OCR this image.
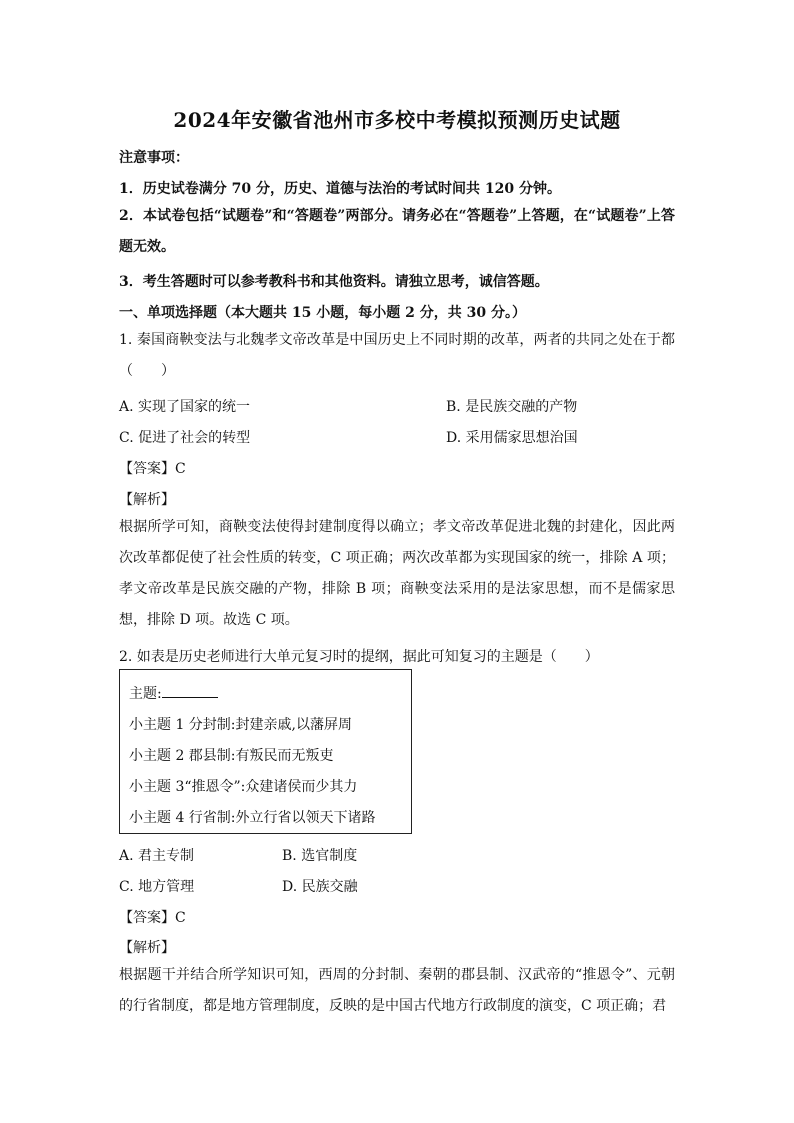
2024年安徽省池州市多校中考模拟预测历史试题
注意事项：
1．历史试卷满分 70 分，历史、道德与法治的考试时间共 120 分钟。
2．本试卷包括“试题卷”和“答题卷”两部分。请务必在“答题卷”上答题，在“试题卷”上答题无效。
3．考生答题时可以参考教科书和其他资料。请独立思考，诚信答题。
一、单项选择题（本大题共 15 小题，每小题 2 分，共 30 分。）
1. 秦国商鞅变法与北魏孝文帝改革是中国历史上不同时期的改革，两者的共同之处在于都（　　）
A. 实现了国家的统一	B. 是民族交融的产物
C. 促进了社会的转型	D. 采用儒家思想治国
【答案】C
【解析】
根据所学可知，商鞅变法使得封建制度得以确立；孝文帝改革促进北魏的封建化，因此两次改革都促使了社会性质的转变，C 项正确；两次改革都为实现国家的统一，排除 A 项；孝文帝改革是民族交融的产物，排除 B 项；商鞅变法采用的是法家思想，而不是儒家思想，排除 D 项。故选 C 项。
2. 如表是历史老师进行大单元复习时的提纲，据此可知复习的主题是（　　）
主题:
小主题 1 分封制:封建亲戚,以藩屏周
小主题 2 郡县制:有叛民而无叛吏
小主题 3“推恩令”:众建诸侯而少其力
小主题 4 行省制:外立行省以领天下诸路
A. 君主专制	B. 选官制度
C. 地方管理	D. 民族交融
【答案】C
【解析】
根据题干并结合所学知识可知，西周的分封制、秦朝的郡县制、汉武帝的“推恩令”、元朝的行省制度，都是地方管理制度，反映的是中国古代地方行政制度的演变，C 项正确；君
